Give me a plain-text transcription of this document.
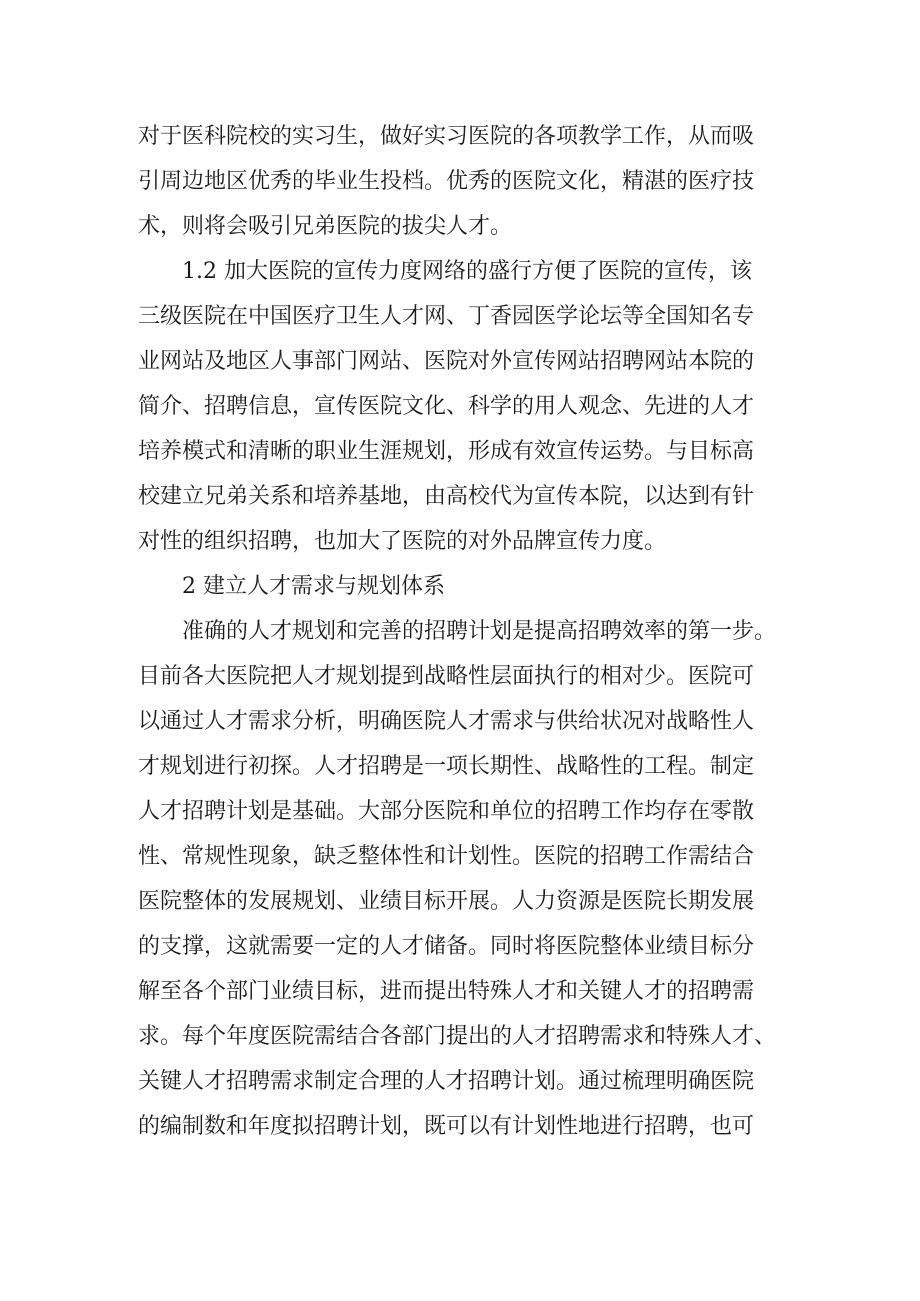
对于医科院校的实习生，做好实习医院的各项教学工作，从而吸
引周边地区优秀的毕业生投档。优秀的医院文化，精湛的医疗技
术，则将会吸引兄弟医院的拔尖人才。
　　1.2 加大医院的宣传力度网络的盛行方便了医院的宣传，该
三级医院在中国医疗卫生人才网、丁香园医学论坛等全国知名专
业网站及地区人事部门网站、医院对外宣传网站招聘网站本院的
简介、招聘信息，宣传医院文化、科学的用人观念、先进的人才
培养模式和清晰的职业生涯规划，形成有效宣传运势。与目标高
校建立兄弟关系和培养基地，由高校代为宣传本院，以达到有针
对性的组织招聘，也加大了医院的对外品牌宣传力度。
　　2 建立人才需求与规划体系
　　准确的人才规划和完善的招聘计划是提高招聘效率的第一步。
目前各大医院把人才规划提到战略性层面执行的相对少。医院可
以通过人才需求分析，明确医院人才需求与供给状况对战略性人
才规划进行初探。人才招聘是一项长期性、战略性的工程。制定
人才招聘计划是基础。大部分医院和单位的招聘工作均存在零散
性、常规性现象，缺乏整体性和计划性。医院的招聘工作需结合
医院整体的发展规划、业绩目标开展。人力资源是医院长期发展
的支撑，这就需要一定的人才储备。同时将医院整体业绩目标分
解至各个部门业绩目标，进而提出特殊人才和关键人才的招聘需
求。每个年度医院需结合各部门提出的人才招聘需求和特殊人才、
关键人才招聘需求制定合理的人才招聘计划。通过梳理明确医院
的编制数和年度拟招聘计划，既可以有计划性地进行招聘，也可
